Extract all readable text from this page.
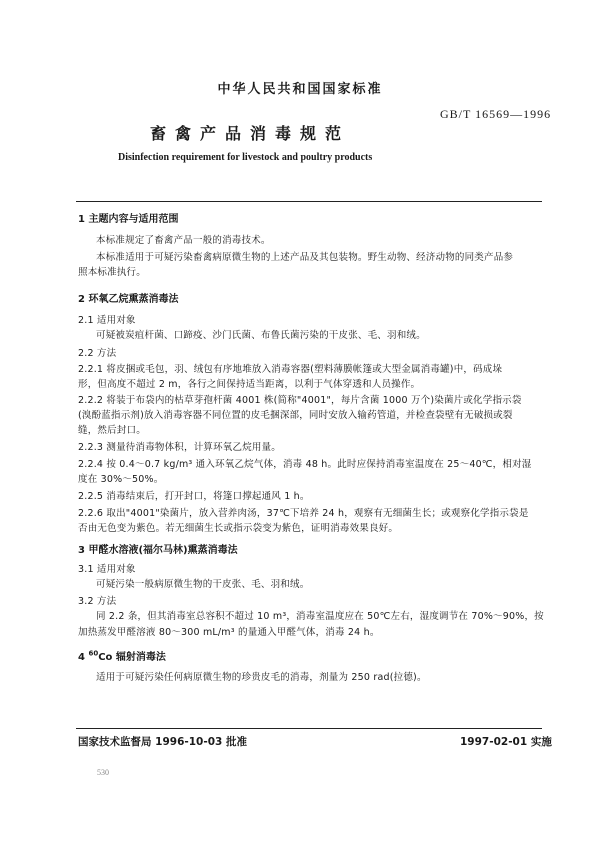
中华人民共和国国家标准
GB/T 16569—1996
畜禽产品消毒规范
Disinfection requirement for livestock and poultry products
1 主题内容与适用范围
本标准规定了畜禽产品一般的消毒技术。
本标准适用于可疑污染畜禽病原微生物的上述产品及其包装物。野生动物、经济动物的同类产品参
照本标准执行。
2 环氧乙烷熏蒸消毒法
2.1 适用对象
可疑被炭疽杆菌、口蹄疫、沙门氏菌、布鲁氏菌污染的干皮张、毛、羽和绒。
2.2 方法
2.2.1 将皮捆或毛包，羽、绒包有序地堆放入消毒容器(塑料薄膜帐篷或大型金属消毒罐)中，码成垛
形，但高度不超过 2 m，各行之间保持适当距离，以利于气体穿透和人员操作。
2.2.2 将装于布袋内的枯草芽孢杆菌 4001 株(简称"4001"，每片含菌 1000 万个)染菌片或化学指示袋
(溴酚蓝指示剂)放入消毒容器不同位置的皮毛捆深部，同时安放入输药管道，并检查袋壁有无破损或裂
缝，然后封口。
2.2.3 测量待消毒物体积，计算环氧乙烷用量。
2.2.4 按 0.4～0.7 kg/m³ 通入环氧乙烷气体，消毒 48 h。此时应保持消毒室温度在 25～40℃，相对湿
度在 30%～50%。
2.2.5 消毒结束后，打开封口，将篷口撑起通风 1 h。
2.2.6 取出"4001"染菌片，放入营养肉汤，37℃下培养 24 h，观察有无细菌生长；或观察化学指示袋是
否由无色变为紫色。若无细菌生长或指示袋变为紫色，证明消毒效果良好。
3 甲醛水溶液(福尔马林)熏蒸消毒法
3.1 适用对象
可疑污染一般病原微生物的干皮张、毛、羽和绒。
3.2 方法
同 2.2 条，但其消毒室总容积不超过 10 m³，消毒室温度应在 50℃左右，湿度调节在 70%～90%，按
加热蒸发甲醛溶液 80～300 mL/m³ 的量通入甲醛气体，消毒 24 h。
4 $^{60}$Co 辐射消毒法
适用于可疑污染任何病原微生物的珍贵皮毛的消毒，剂量为 250 rad(拉德)。
国家技术监督局 1996-10-03 批准	1997-02-01 实施
530
